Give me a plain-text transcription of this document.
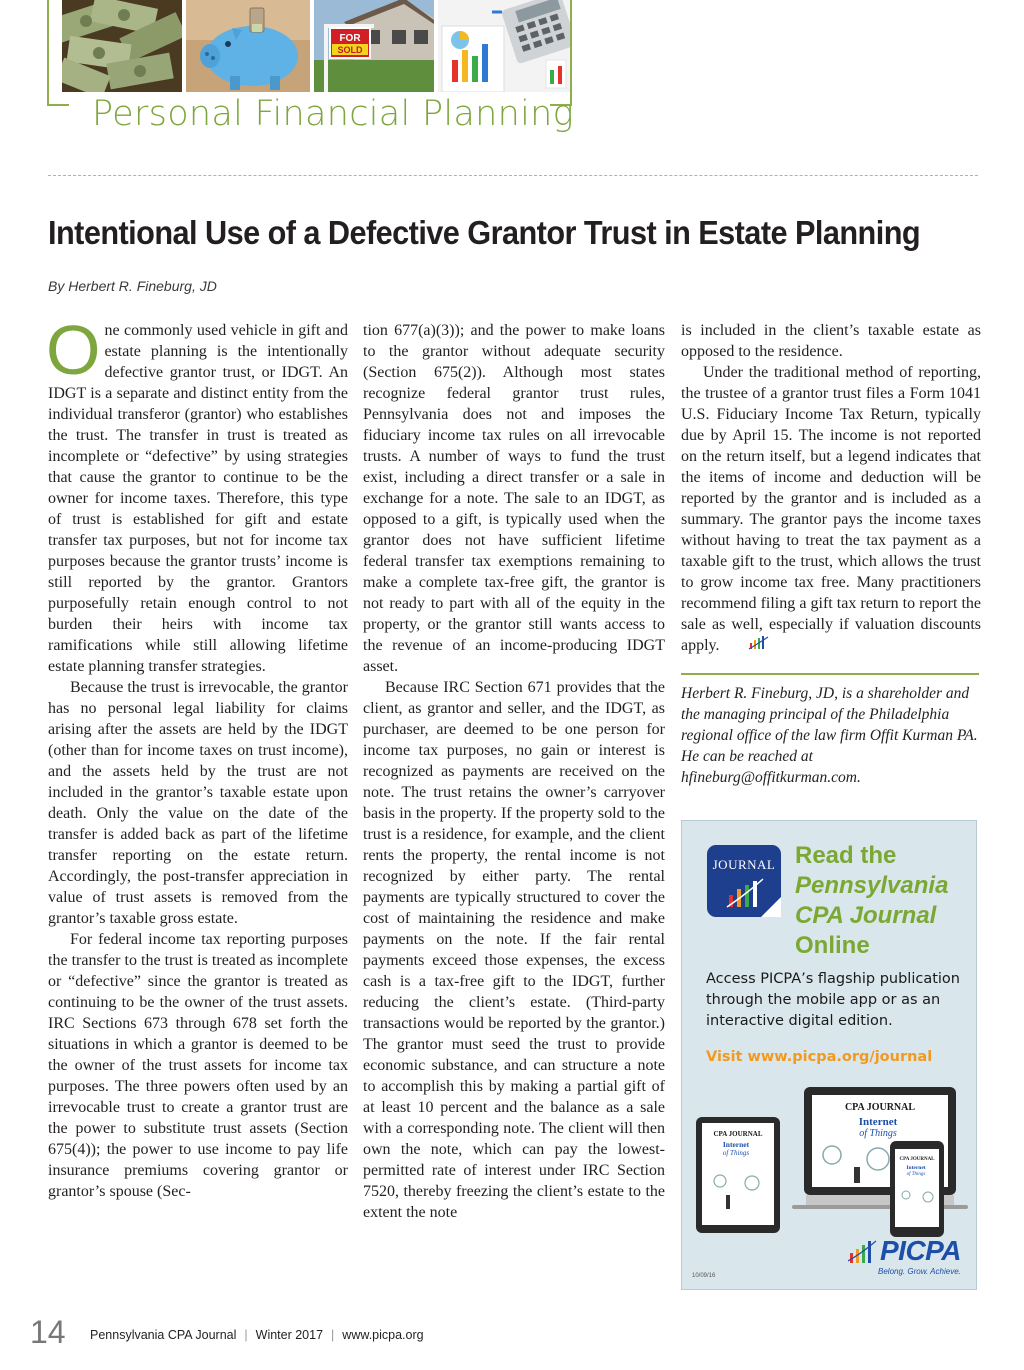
FOR
SOLD
Personal Financial Planning
Intentional Use of a Defective Grantor Trust in Estate Planning
By Herbert R. Fineburg, JD

One commonly used vehicle in gift and estate planning is the intentionally defective grantor trust, or IDGT. An IDGT is a separate and distinct entity from the individual transferor (grantor) who establishes the trust. The transfer in trust is treated as incomplete or “defective” by using strategies that cause the grantor to continue to be the owner for income taxes. Therefore, this type of trust is established for gift and estate transfer tax purposes, but not for income tax purposes because the grantor trusts’ income is still reported by the grantor. Grantors purposefully retain enough control to not burden their heirs with income tax ramifications while still allowing lifetime estate planning transfer strategies.

Because the trust is irrevocable, the grantor has no personal legal liability for claims arising after the assets are held by the IDGT (other than for income taxes on trust income), and the assets held by the trust are not included in the grantor’s taxable estate upon death. Only the value on the date of the transfer is added back as part of the lifetime transfer reporting on the estate return. Accordingly, the post-transfer appreciation in value of trust assets is removed from the grantor’s taxable gross estate.

For federal income tax reporting purposes the transfer to the trust is treated as incomplete or “defective” since the grantor is treated as continuing to be the owner of the trust assets. IRC Sections 673 through 678 set forth the situations in which a grantor is deemed to be the owner of the trust assets for income tax purposes. The three powers often used by an irrevocable trust to create a grantor trust are the power to substitute trust assets (Section 675(4)); the power to use income to pay life insurance premiums covering grantor or grantor’s spouse (Sec-

tion 677(a)(3)); and the power to make loans to the grantor without adequate security (Section 675(2)). Although most states recognize federal grantor trust rules, Pennsylvania does not and imposes the fiduciary income tax rules on all irrevocable trusts. A number of ways to fund the trust exist, including a direct transfer or a sale in exchange for a note. The sale to an IDGT, as opposed to a gift, is typically used when the grantor does not have sufficient lifetime federal transfer tax exemptions remaining to make a complete tax-free gift, the grantor is not ready to part with all of the equity in the property, or the grantor still wants access to the revenue of an income-producing IDGT asset.

Because IRC Section 671 provides that the client, as grantor and seller, and the IDGT, as purchaser, are deemed to be one person for income tax purposes, no gain or interest is recognized as payments are received on the note. The trust retains the owner’s carryover basis in the property. If the property sold to the trust is a residence, for example, and the client rents the property, the rental income is not recognized by either party. The rental payments are typically structured to cover the cost of maintaining the residence and make payments on the note. If the fair rental payments exceed those expenses, the excess cash is a tax-free gift to the IDGT, further reducing the client’s estate. (Third-party transactions would be reported by the grantor.) The grantor must seed the trust to provide economic substance, and can structure a note to accomplish this by making a partial gift of at least 10 percent and the balance as a sale with a corresponding note. The client will then own the note, which can pay the lowest-permitted rate of interest under IRC Section 7520, thereby freezing the client’s estate to the extent the note

is included in the client’s taxable estate as opposed to the residence.

Under the traditional method of reporting, the trustee of a grantor trust files a Form 1041 U.S. Fiduciary Income Tax Return, typically due by April 15. The income is not reported on the return itself, but a legend indicates that the items of income and deduction will be reported by the grantor and is included as a summary. The grantor pays the income taxes without having to treat the tax payment as a taxable gift to the trust, which allows the trust to grow income tax free. Many practitioners recommend filing a gift tax return to report the sale as well, especially if valuation discounts apply.

Herbert R. Fineburg, JD, is a shareholder and the managing principal of the Philadelphia regional office of the law firm Offit Kurman PA. He can be reached at hfineburg@offitkurman.com.

JOURNAL Read the
Pennsylvania
CPA Journal
Online
Access PICPA’s flagship publication through the mobile app or as an interactive digital edition.
Visit www.picpa.org/journal
CPA JOURNAL
Internet
of Things
CPA JOURNAL
Internet
of Things
CPA JOURNAL
Internet
of Things
PICPA
Belong. Grow. Achieve.
10/09/16
14 Pennsylvania CPA Journal | Winter 2017 | www.picpa.org
